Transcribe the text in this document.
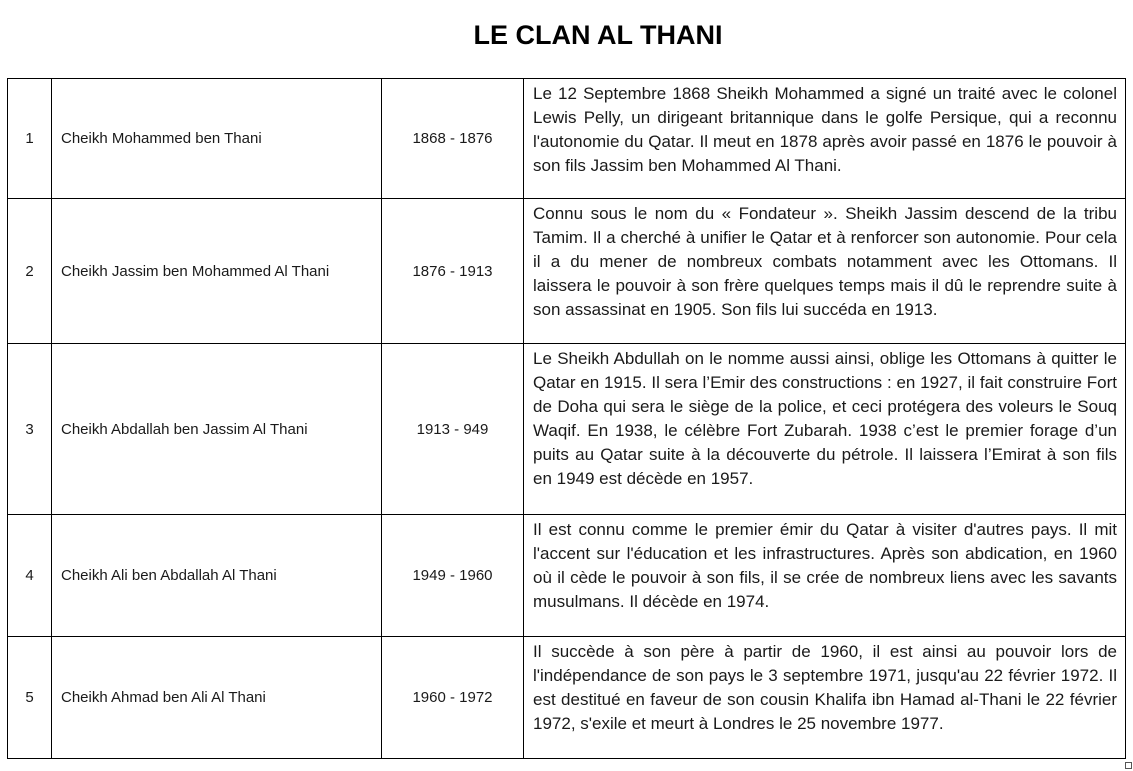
LE CLAN AL THANI
1	Cheikh Mohammed ben Thani	1868 - 1876	Le 12 Septembre 1868 Sheikh Mohammed a signé un traité avec le colonel Lewis Pelly, un dirigeant britannique dans le golfe Persique, qui a reconnu l'autonomie du Qatar. Il meut en 1878 après avoir passé en 1876 le pouvoir à son fils Jassim ben Mohammed Al Thani.
2	Cheikh Jassim ben Mohammed Al Thani	1876 - 1913	Connu sous le nom du « Fondateur ». Sheikh Jassim descend de la tribu Tamim. Il a cherché à unifier le Qatar et à renforcer son autonomie. Pour cela il a du mener de nombreux combats notamment avec les Ottomans. Il laissera le pouvoir à son frère quelques temps mais il dû le reprendre suite à son assassinat en 1905. Son fils lui succéda en 1913.
3	Cheikh Abdallah ben Jassim Al Thani	1913 - 949	Le Sheikh Abdullah on le nomme aussi ainsi, oblige les Ottomans à quitter le Qatar en 1915. Il sera l’Emir des constructions : en 1927, il fait construire Fort de Doha qui sera le siège de la police, et ceci protégera des voleurs le Souq Waqif. En 1938, le célèbre Fort Zubarah. 1938 c’est le premier forage d’un puits au Qatar suite à la découverte du pétrole. Il laissera l’Emirat à son fils en 1949 est décède en 1957.
4	Cheikh Ali ben Abdallah Al Thani	1949 - 1960	Il est connu comme le premier émir du Qatar à visiter d'autres pays. Il mit l'accent sur l'éducation et les infrastructures. Après son abdication, en 1960 où il cède le pouvoir à son fils, il se crée de nombreux liens avec les savants musulmans. Il décède en 1974.
5	Cheikh Ahmad ben Ali Al Thani	1960 - 1972	Il succède à son père à partir de 1960, il est ainsi au pouvoir lors de l'indépendance de son pays le 3 septembre 1971, jusqu'au 22 février 1972. Il est destitué en faveur de son cousin Khalifa ibn Hamad al-Thani le 22 février 1972, s'exile et meurt à Londres le 25 novembre 1977.
